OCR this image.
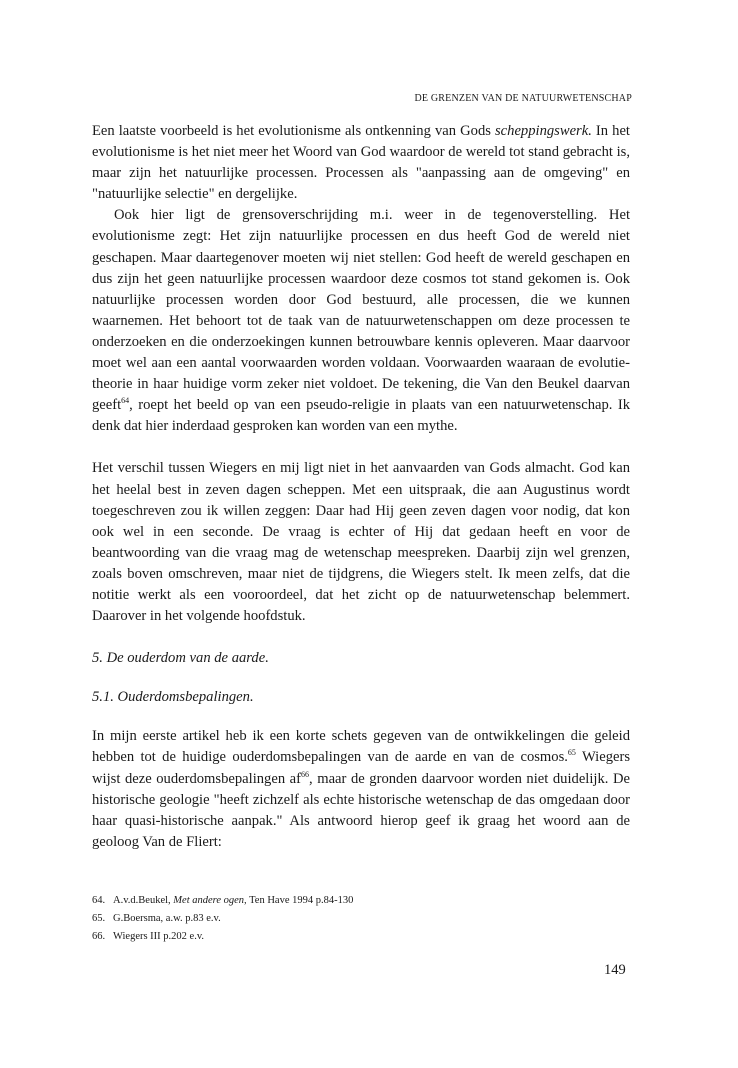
DE GRENZEN VAN DE NATUURWETENSCHAP

Een laatste voorbeeld is het evolutionisme als ontkenning van Gods scheppingswerk. In het evolutionisme is het niet meer het Woord van God waardoor de wereld tot stand gebracht is, maar zijn het natuurlijke processen. Processen als "aanpassing aan de omgeving" en "natuurlijke selectie" en dergelijke.

Ook hier ligt de grensoverschrijding m.i. weer in de tegenoverstelling. Het evolutionisme zegt: Het zijn natuurlijke processen en dus heeft God de wereld niet geschapen. Maar daartegenover moeten wij niet stellen: God heeft de wereld geschapen en dus zijn het geen natuurlijke processen waardoor deze cosmos tot stand gekomen is. Ook natuurlijke processen worden door God bestuurd, alle processen, die we kunnen waarnemen. Het behoort tot de taak van de natuurwetenschappen om deze processen te onderzoeken en die onderzoekingen kunnen betrouwbare kennis opleveren. Maar daarvoor moet wel aan een aantal voorwaarden worden voldaan. Voorwaarden waaraan de evolutie-theorie in haar huidige vorm zeker niet voldoet. De tekening, die Van den Beukel daarvan geeft$^{64}$, roept het beeld op van een pseudo-religie in plaats van een natuurwetenschap. Ik denk dat hier inderdaad gesproken kan worden van een mythe.

Het verschil tussen Wiegers en mij ligt niet in het aanvaarden van Gods almacht. God kan het heelal best in zeven dagen scheppen. Met een uitspraak, die aan Augustinus wordt toegeschreven zou ik willen zeggen: Daar had Hij geen zeven dagen voor nodig, dat kon ook wel in een seconde. De vraag is echter of Hij dat gedaan heeft en voor de beantwoording van die vraag mag de wetenschap meespreken. Daarbij zijn wel grenzen, zoals boven omschreven, maar niet de tijdgrens, die Wiegers stelt. Ik meen zelfs, dat die notitie werkt als een vooroordeel, dat het zicht op de natuurwetenschap belemmert. Daarover in het volgende hoofdstuk.

5. De ouderdom van de aarde.

5.1. Ouderdomsbepalingen.

In mijn eerste artikel heb ik een korte schets gegeven van de ontwikkelingen die geleid hebben tot de huidige ouderdomsbepalingen van de aarde en van de cosmos.$^{65}$ Wiegers wijst deze ouderdomsbepalingen $af^{66}$, maar de gronden daarvoor worden niet duidelijk. De historische geologie "heeft zichzelf als echte historische wetenschap de das omgedaan door haar quasi-historische aanpak." Als antwoord hierop geef ik graag het woord aan de geoloog Van de Fliert:

64. A.v.d.Beukel, Met andere ogen, Ten Have 1994 p.84-130
65. G.Boersma, a.w. p.83 e.v.
66. Wiegers III p.202 e.v.
149
